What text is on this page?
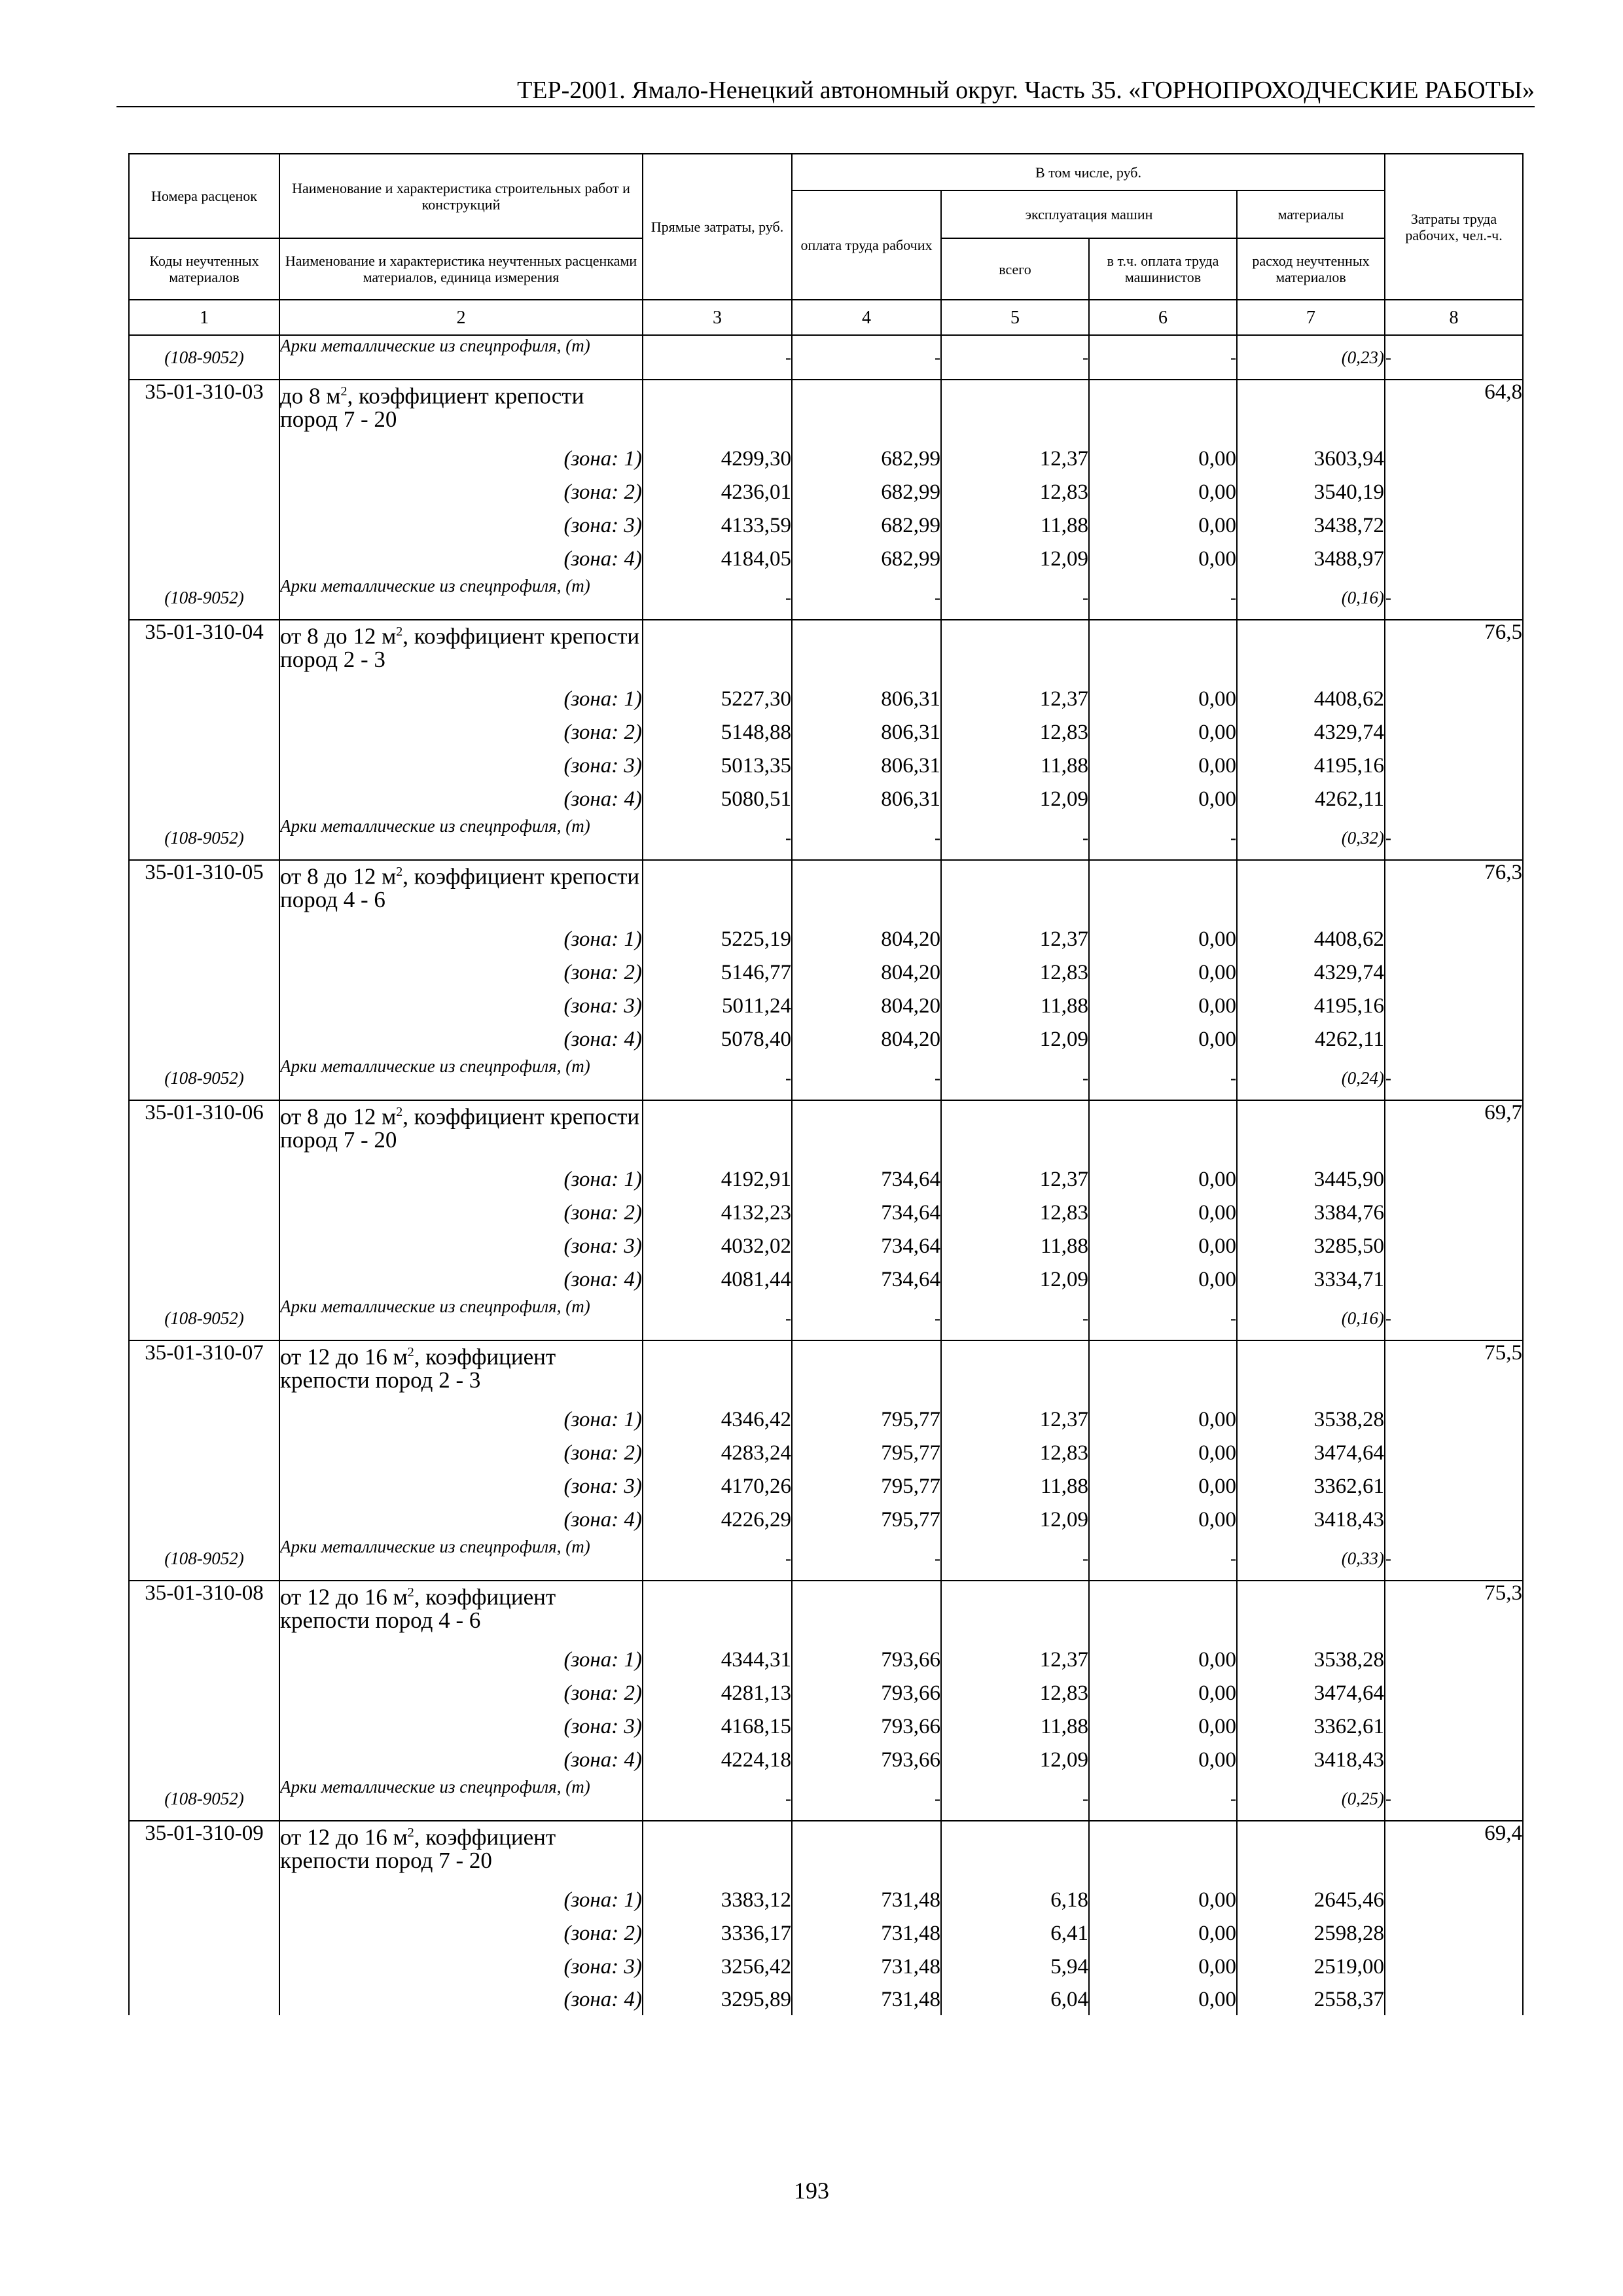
ТЕР-2001. Ямало-Ненецкий автономный округ. Часть 35. «ГОРНОПРОХОДЧЕСКИЕ РАБОТЫ»
Номера расценок	Наименование и характеристика строительных работ и конструкций	Прямые затраты, руб.	В том числе, руб.				Затраты труда рабочих, чел.-ч.
			оплата труда рабочих	эксплуатация машин		материалы	
Коды неучтенных материалов	Наименование и характеристика неучтенных расценками материалов, единица измерения			всего	в т.ч. оплата труда машинистов	расход неучтенных материалов	
1	2	3	4	5	6	7	8
(108-9052)	Арки металлические из спецпрофиля, (т)	-	-	-	-	(0,23)	-
35-01-310-03	до 8 $м^2$, коэффициент крепости пород 7 - 20						64,8
	(зона: 1)	4299,30	682,99	12,37	0,00	3603,94	
	(зона: 2)	4236,01	682,99	12,83	0,00	3540,19	
	(зона: 3)	4133,59	682,99	11,88	0,00	3438,72	
	(зона: 4)	4184,05	682,99	12,09	0,00	3488,97	
(108-9052)	Арки металлические из спецпрофиля, (т)	-	-	-	-	(0,16)	-
35-01-310-04	от 8 до 12 $м^2$, коэффициент крепости пород 2 - 3						76,5
	(зона: 1)	5227,30	806,31	12,37	0,00	4408,62	
	(зона: 2)	5148,88	806,31	12,83	0,00	4329,74	
	(зона: 3)	5013,35	806,31	11,88	0,00	4195,16	
	(зона: 4)	5080,51	806,31	12,09	0,00	4262,11	
(108-9052)	Арки металлические из спецпрофиля, (т)	-	-	-	-	(0,32)	-
35-01-310-05	от 8 до 12 $м^2$, коэффициент крепости пород 4 - 6						76,3
	(зона: 1)	5225,19	804,20	12,37	0,00	4408,62	
	(зона: 2)	5146,77	804,20	12,83	0,00	4329,74	
	(зона: 3)	5011,24	804,20	11,88	0,00	4195,16	
	(зона: 4)	5078,40	804,20	12,09	0,00	4262,11	
(108-9052)	Арки металлические из спецпрофиля, (т)	-	-	-	-	(0,24)	-
35-01-310-06	от 8 до 12 $м^2$, коэффициент крепости пород 7 - 20						69,7
	(зона: 1)	4192,91	734,64	12,37	0,00	3445,90	
	(зона: 2)	4132,23	734,64	12,83	0,00	3384,76	
	(зона: 3)	4032,02	734,64	11,88	0,00	3285,50	
	(зона: 4)	4081,44	734,64	12,09	0,00	3334,71	
(108-9052)	Арки металлические из спецпрофиля, (т)	-	-	-	-	(0,16)	-
35-01-310-07	от 12 до 16 $м^2$, коэффициент крепости пород 2 - 3						75,5
	(зона: 1)	4346,42	795,77	12,37	0,00	3538,28	
	(зона: 2)	4283,24	795,77	12,83	0,00	3474,64	
	(зона: 3)	4170,26	795,77	11,88	0,00	3362,61	
	(зона: 4)	4226,29	795,77	12,09	0,00	3418,43	
(108-9052)	Арки металлические из спецпрофиля, (т)	-	-	-	-	(0,33)	-
35-01-310-08	от 12 до 16 $м^2$, коэффициент крепости пород 4 - 6						75,3
	(зона: 1)	4344,31	793,66	12,37	0,00	3538,28	
	(зона: 2)	4281,13	793,66	12,83	0,00	3474,64	
	(зона: 3)	4168,15	793,66	11,88	0,00	3362,61	
	(зона: 4)	4224,18	793,66	12,09	0,00	3418,43	
(108-9052)	Арки металлические из спецпрофиля, (т)	-	-	-	-	(0,25)	-
35-01-310-09	от 12 до 16 $м^2$, коэффициент крепости пород 7 - 20						69,4
	(зона: 1)	3383,12	731,48	6,18	0,00	2645,46	
	(зона: 2)	3336,17	731,48	6,41	0,00	2598,28	
	(зона: 3)	3256,42	731,48	5,94	0,00	2519,00	
	(зона: 4)	3295,89	731,48	6,04	0,00	2558,37	
193
